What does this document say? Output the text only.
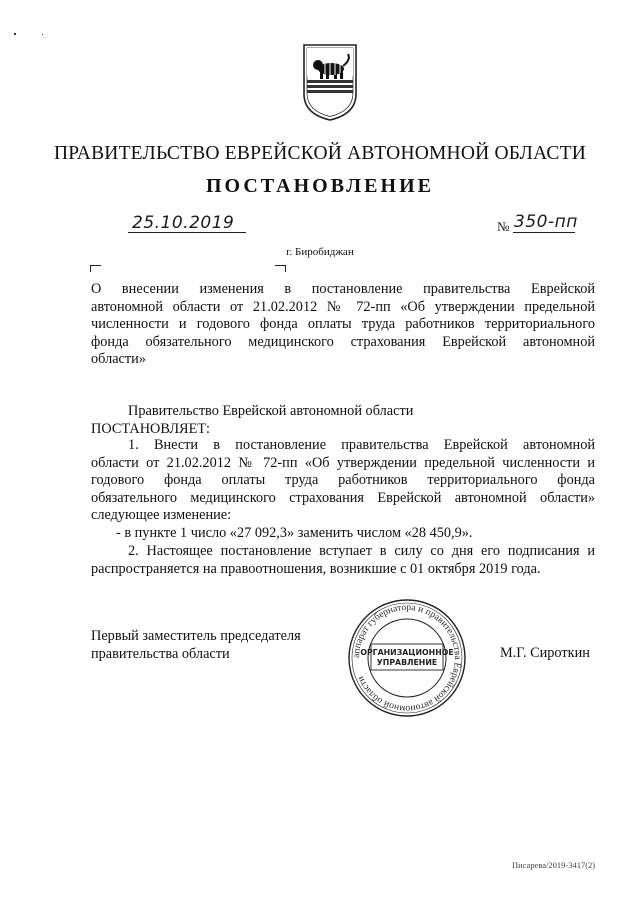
ПРАВИТЕЛЬСТВО ЕВРЕЙСКОЙ АВТОНОМНОЙ ОБЛАСТИ
ПОСТАНОВЛЕНИЕ
25.10.2019	№ 350-пп
г. Биробиджан
О внесении изменения в постановление правительства Еврейской
автономной области от 21.02.2012 № 72-пп «Об утверждении предельной
численности и годового фонда оплаты труда работников территориального
фонда обязательного медицинского страхования Еврейской автономной
области»
Правительство Еврейской автономной области
ПОСТАНОВЛЯЕТ:
1. Внести в постановление правительства Еврейской автономной
области от 21.02.2012 № 72-пп «Об утверждении предельной численности и
годового фонда оплаты труда работников территориального фонда
обязательного медицинского страхования Еврейской автономной области»
следующее изменение:
- в пункте 1 число «27 092,3» заменить числом «28 450,9».
2. Настоящее постановление вступает в силу со дня его подписания и
распространяется на правоотношения, возникшие с 01 октября 2019 года.
Первый заместитель председателя
правительства области	М.Г. Сироткин
аппарат губернатора и правительства Еврейской автономной области
ОРГАНИЗАЦИОННОЕ
УПРАВЛЕНИЕ
Писарева/2019-3417(2)
